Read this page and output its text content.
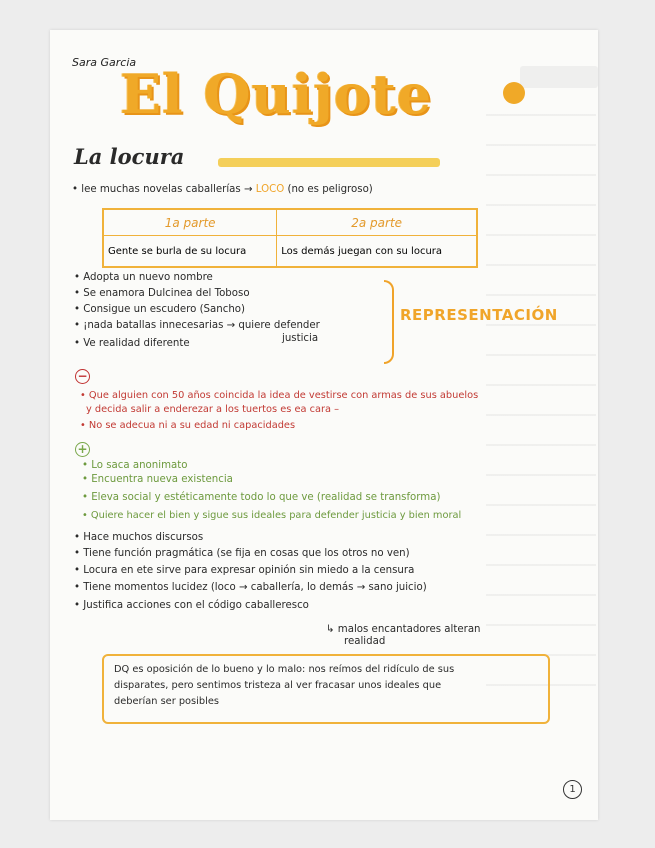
Sara Garcia
El Quijote
La locura
• lee muchas novelas caballerías → LOCO (no es peligroso)
1a parte	2a parte
Gente se burla de su locura	Los demás juegan con su locura
• Adopta un nuevo nombre
• Se enamora Dulcinea del Toboso
• Consigue un escudero (Sancho)
• ¡nada batallas innecesarias → quiere defender
justicia
• Ve realidad diferente
REPRESENTACIÓN
−
• Que alguien con 50 años coincida la idea de vestirse con armas de sus abuelos
y decida salir a enderezar a los tuertos es ea cara –
• No se adecua ni a su edad ni capacidades
+
• Lo saca anonimato
• Encuentra nueva existencia
• Eleva social y estéticamente todo lo que ve (realidad se transforma)
• Quiere hacer el bien y sigue sus ideales para defender justicia y bien moral
• Hace muchos discursos
• Tiene función pragmática (se fija en cosas que los otros no ven)
• Locura en ete sirve para expresar opinión sin miedo a la censura
• Tiene momentos lucidez (loco → caballería, lo demás → sano juicio)
• Justifica acciones con el código caballeresco
↳ malos encantadores alteran
realidad
DQ es oposición de lo bueno y lo malo: nos reímos del ridículo de sus
disparates, pero sentimos tristeza al ver fracasar unos ideales que
deberían ser posibles
1
